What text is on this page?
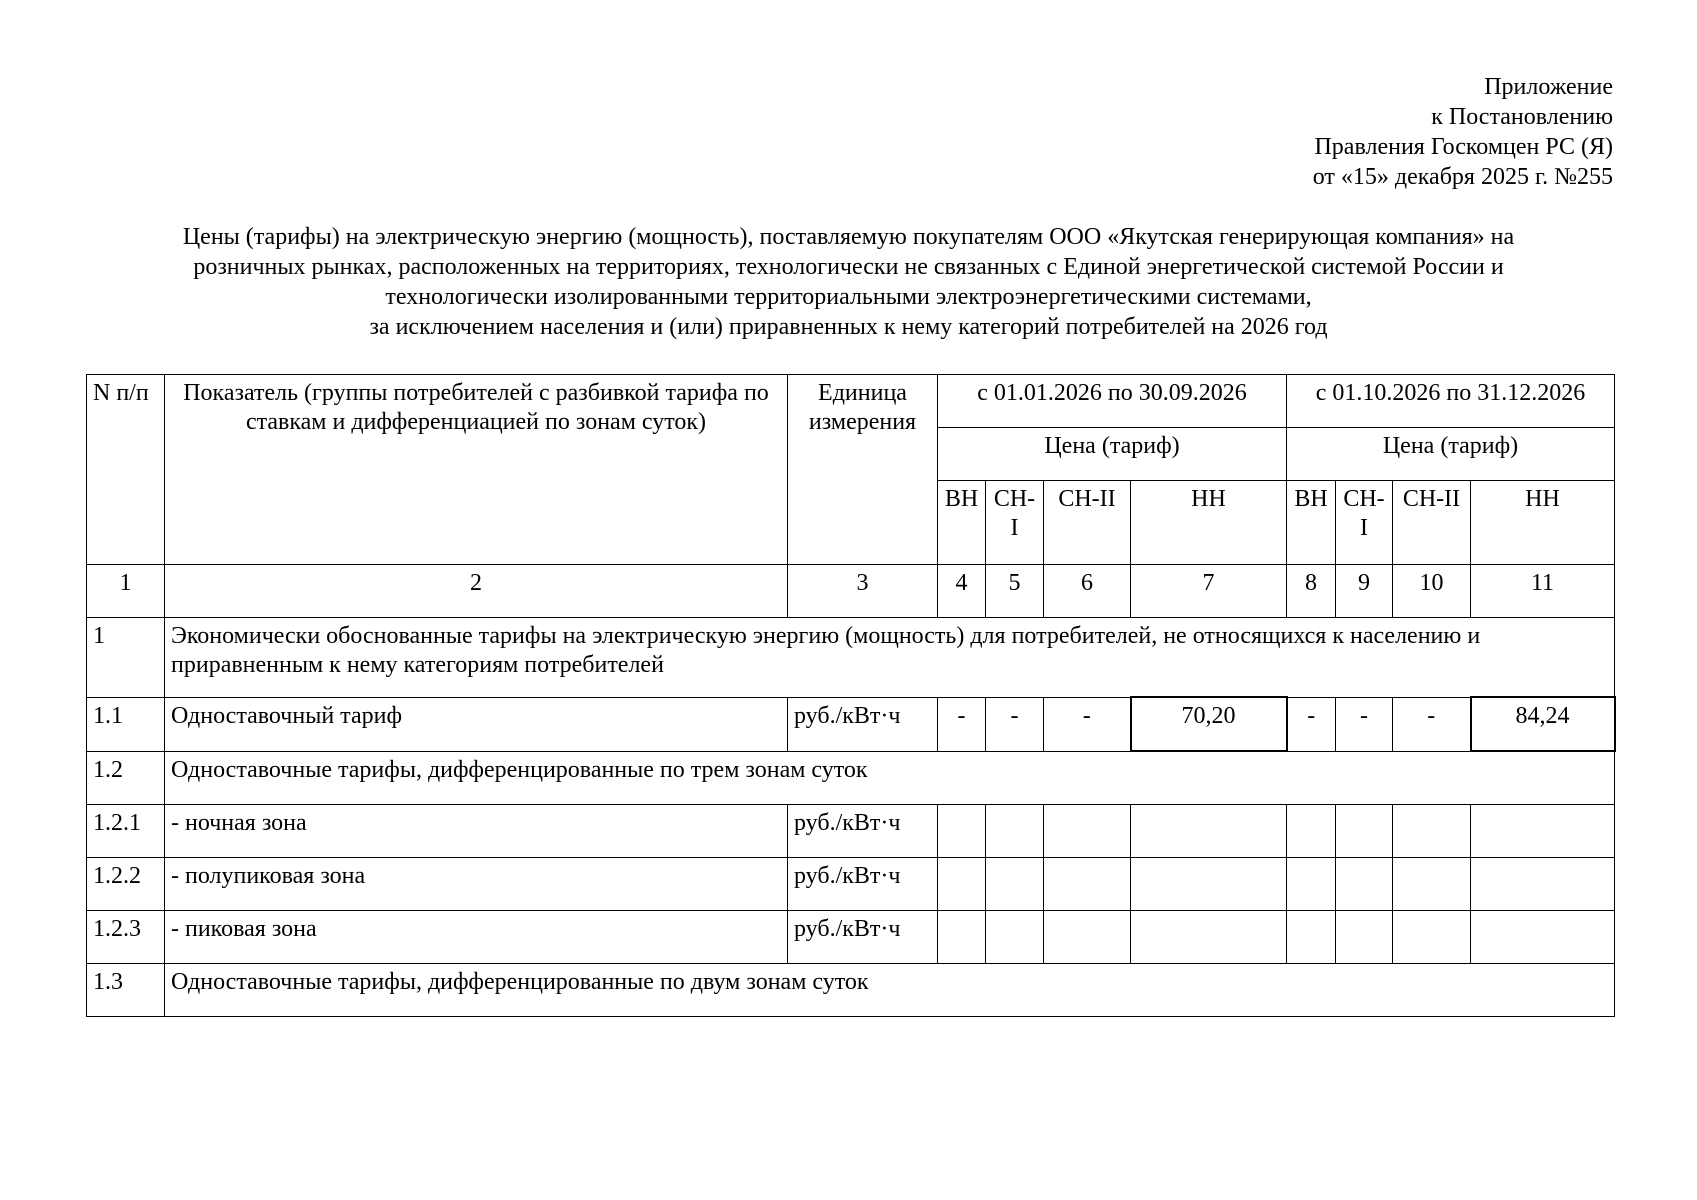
Приложение
к Постановлению
Правления Госкомцен РС (Я)
от «15» декабря 2025 г. №255
Цены (тарифы) на электрическую энергию (мощность), поставляемую покупателям ООО «Якутская генерирующая компания» на
розничных рынках, расположенных на территориях, технологически не связанных с Единой энергетической системой России и
технологически изолированными территориальными электроэнергетическими системами,
за исключением населения и (или) приравненных к нему категорий потребителей на 2026 год
N п/п	Показатель (группы потребителей с разбивкой тарифа по ставкам и дифференциацией по зонам суток)	Единица измерения	с 01.01.2026 по 30.09.2026				с 01.10.2026 по 31.12.2026			
			Цена (тариф)				Цена (тариф)			
			ВН	СН-I	СН-II	НН	ВН	СН-I	СН-II	НН
1	2	3	4	5	6	7	8	9	10	11
1	Экономически обоснованные тарифы на электрическую энергию (мощность) для потребителей, не относящихся к населению и приравненным к нему категориям потребителей									
1.1	Одноставочный тариф	руб./кВт·ч	-	-	-	70,20	-	-	-	84,24
1.2	Одноставочные тарифы, дифференцированные по трем зонам суток									
1.2.1	- ночная зона	руб./кВт·ч								
1.2.2	- полупиковая зона	руб./кВт·ч								
1.2.3	- пиковая зона	руб./кВт·ч								
1.3	Одноставочные тарифы, дифференцированные по двум зонам суток									
